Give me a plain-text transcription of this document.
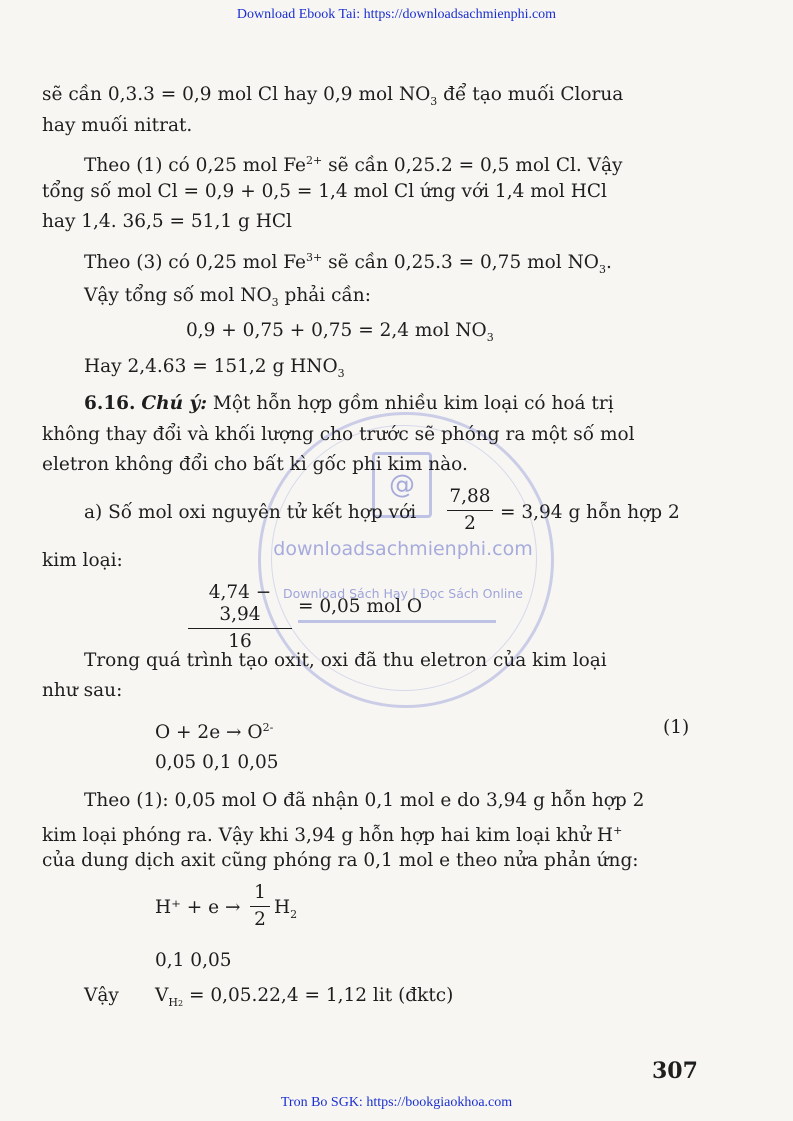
Download Ebook Tai: https://downloadsachmienphi.com
@
downloadsachmienphi.com
Download Sách Hay | Đọc Sách Online
sẽ cần 0,3.3 = 0,9 mol Cl hay 0,9 mol $NO_3$ để tạo muối Clorua
hay muối nitrat.
Theo (1) có 0,25 mol $Fe^{2+}$ sẽ cần 0,25.2 = 0,5 mol Cl. Vậy
tổng số mol Cl = 0,9 + 0,5 = 1,4 mol Cl ứng với 1,4 mol HCl
hay 1,4. 36,5 = 51,1 g HCl
Theo (3) có 0,25 mol $Fe^{3+}$ sẽ cần 0,25.3 = 0,75 mol $NO_3$.
Vậy tổng số mol $NO_3$ phải cần:
0,9 + 0,75 + 0,75 = 2,4 mol $NO_3$
Hay 2,4.63 = 151,2 g $HNO_3$
6.16. Chú ý: Một hỗn hợp gồm nhiều kim loại có hoá trị
không thay đổi và khối lượng cho trước sẽ phóng ra một số mol
eletron không đổi cho bất kì gốc phi kim nào.
a) Số mol oxi nguyên tử kết hợp với
7,88
2
= 3,94 g hỗn hợp 2
kim loại:
4,74 − 3,94
16
= 0,05 mol O
Trong quá trình tạo oxit, oxi đã thu eletron của kim loại
như sau:
$O + 2e \to O^{2-}$	(1)
0,05 0,1 0,05
Theo (1): 0,05 mol O đã nhận 0,1 mol e do 3,94 g hỗn hợp 2
kim loại phóng ra. Vậy khi 3,94 g hỗn hợp hai kim loại khử H+
của dung dịch axit cũng phóng ra 0,1 mol e theo nửa phản ứng:
H⁺ + e →
1
2
$H_2$
0,1 0,05
Vậy $V_{H2} = 0,05.22,4 = 1,12$ lit (đktc)
307
Tron Bo SGK: https://bookgiaokhoa.com
